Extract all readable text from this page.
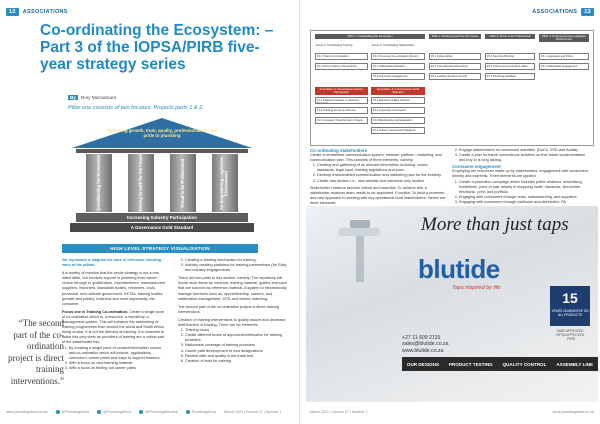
12	ASSOCIATIONS
Co-ordinating the Ecosystem: – Part 3 of the IOPSA/PIRB five-year strategy series
By	Rory Macnamara
Pillar one consists of two focuses: Projects parts 1 & 2.
Restoring growth, trust, quality, professionalism and pride to plumbing
Coordinating the Ecosystem	Driving Growth for the Future	Proud to be Professional	An Empowering Legislative Environment
Increasing Industry Participation
A Governance Gold Standard
HIGH LEVEL STRATEGY VISUALISATION
We reproduce a diagram for ease of reference showing each of the pillars.
It is worthy of mention that the whole strategy is not a one-sided affair, but involves anyone in plumbing from career choice through to qualification, manufacturers, manufacturers' suppliers, importers, standards bodies, reformers, local, provincial, and national government, SETAs, training bodies (private and public), business and most importantly, the consumer.
Focus one is Training Co-ordination. Create a single point of co-ordination which is, a resource, a repository, a management system. This will enhance the networking of training programmes from around the world and South Africa being crucial. It is not the delivery of training. It is essential to make this very clear as providers of training are a critical part of the stakeholder mix:
1. By creating a single point of contact/information source and co-ordination which will include, applications, curriculum, career paths and ways to support learners.
2. With a focus on new learning material
3. With a focus on finding out career paths
2. Creating a funding mechanism for training.
3. Actively creating platforms for training partnerships (for SAs) and industry engagements.
There are two parts to this section, namely: The repository will house such items as curricula, training material, guides and such that are sourced as reference material. A system to electronically manage functions such as, apprenticeship, careers, and certification management, CPD and mentor matching.
The second part of the co-ordination project is direct training interventions.
Creation of training interventions to quality assure and decrease theft/fraction of training. There are six elements:
1. Training hours
2. Create different levels of approved/certification for training providers
3. Nationwide coverage of training providers
4. Career path development of new designations
5. Restore faith and quality in the trade test
6. Creation of trust for training
“The second part of the co-ordination project is direct training interventions.”
www.plumbingafrica.co.za	@PlumbingAfrica	@PlumbingAfrica	@PlumbingAfricaSA	PlumbingAfrica March 2021 | Volume 27 | Number 1
ASSOCIATIONS	13
Pillar 1: Coordinating the Ecosystem	Pillar 2: Driving Growth for the Future	Pillar 3: Proud to be Professional	Pillar 4: An Empowering Legislative Environment
Focus 1: Coordinating Training	Focus 2: Coordinating Stakeholders
P1.1 Training Coordination
P1.2 Direct Training Interventions
P1.3 Consumer Co-ordination Opinion
P1.4 Stakeholder Relations
P1.5 Consumer Engagement
P2.1 Future Ethos
P2.2 International Partnerships
P2.3 Leading Systems Growth
P3.1 New Era Plumber
P3.2 Online Communication Sales
P3.3 Plumbing Standard
P4.1 Legislation and Policy
P4.2 Stakeholder Engagement
Foundation 1: Governance Industry Participation
F1.1 Targeted Increase in Informed Plumbers
F1.2 Tracking Focus on Informal
F1.3 Increased Transformation Targets
Foundation 2: A Governance Gold Standard
F2.1 Reporting & Best Practice
F2.2 Corporate Governance
F2.3 Membership and Evaluation
F2.4 Industry Assessment Playbook
Co-ordinating stakeholders
Create a centralised communication system, member platform, marketing, and communication plan. This consists of three elements, namely:
1. Creating and gathering of all relevant information including, codes, standards, legal input, training regulations and such.
2. Develop a streamlined communication and marketing plan for the industry.
3. Create new section i.e., new website and members only section.
Stakeholder relations become critical and essential. To achieve this, a stakeholder relations team needs to be appointed. Function: To build a reviewed and new approach to working with key operational local stakeholders. Herein are three elements:
1.
2. Engage stakeholders on consensus activities. (DoCs, CPD and Audits)
3. Create a plan for future consortiums activities so that future implementation and buy-in is long lasting.
Consumer engagement
Employing the resources made up by stakeholders, engagement with consumers directly and indirectly. Three elements are applied:
1. Create a promotion campaign which includes public relations, advertising, exhibitions, point of sale activity in shopping malls, handouts, directories, electronic, print, and portfolio.
2. Engaging with consumers through retail, manufacturing, and suppliers.
3. Engaging with consumers through platforms and directories. PA
More than just taps
blutide
Taps inspired by life
15
YEARS GUARANTEE ON ALL PRODUCTS
SABS APPROVED · IOPSA APPROVED · PIRB
+27 11 609 2115
sales@blutide.co.za
www.blutide.co.za
OUR DESIGNS PRODUCT TESTING QUALITY CONTROL ASSEMBLY LINE
March 2021 | Volume 27 | Number 1	www.plumbingafrica.co.za
